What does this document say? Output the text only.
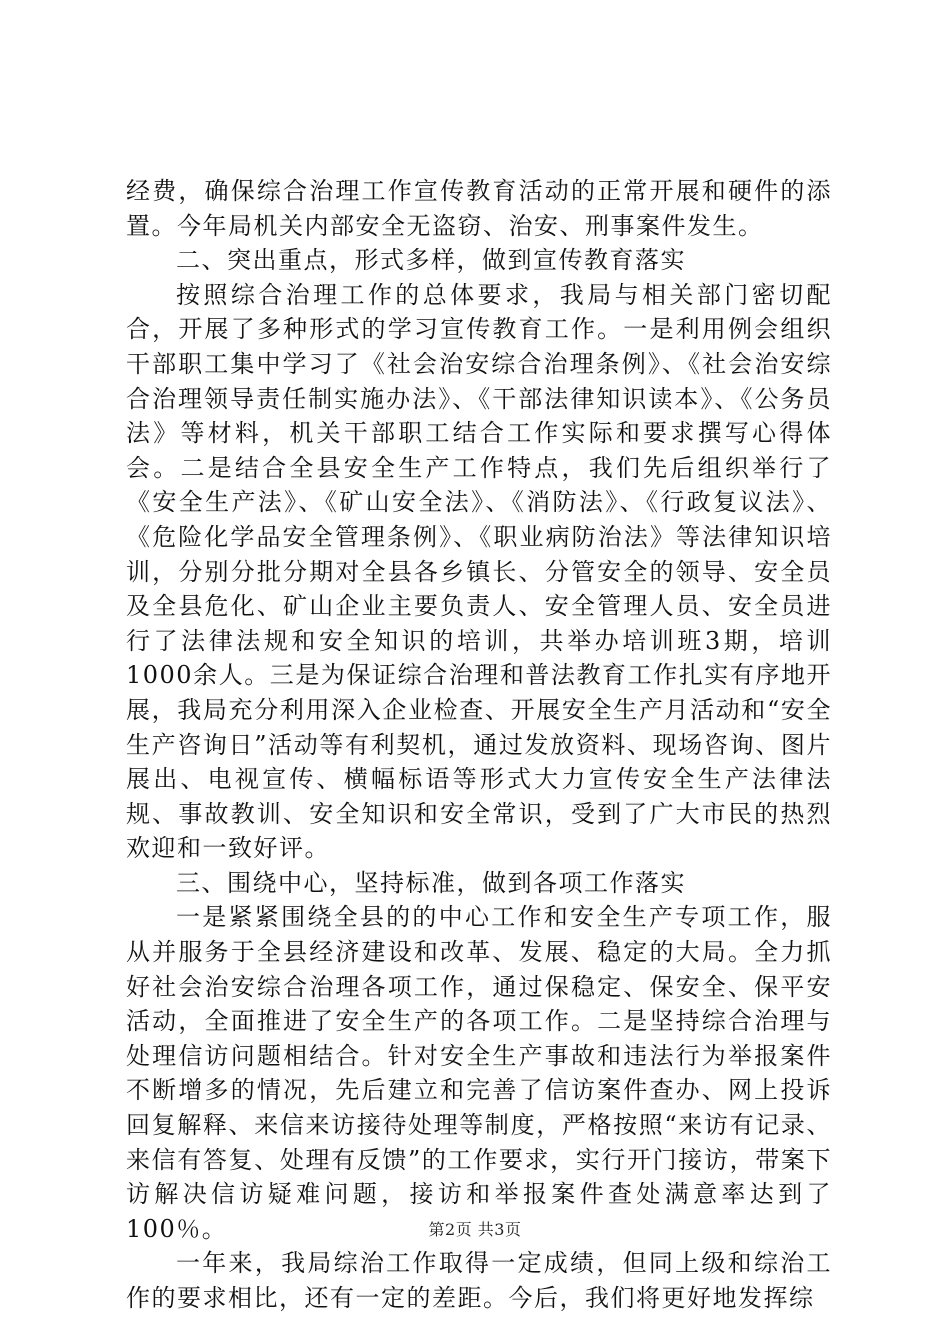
经费，确保综合治理工作宣传教育活动的正常开展和硬件的添置。今年局机关内部安全无盗窃、治安、刑事案件发生。

二、突出重点，形式多样，做到宣传教育落实

按照综合治理工作的总体要求，我局与相关部门密切配合，开展了多种形式的学习宣传教育工作。一是利用例会组织干部职工集中学习了《社会治安综合治理条例》、《社会治安综合治理领导责任制实施办法》、《干部法律知识读本》、《公务员法》等材料，机关干部职工结合工作实际和要求撰写心得体会。二是结合全县安全生产工作特点，我们先后组织举行了《安全生产法》、《矿山安全法》、《消防法》、《行政复议法》、《危险化学品安全管理条例》、《职业病防治法》等法律知识培训，分别分批分期对全县各乡镇长、分管安全的领导、安全员及全县危化、矿山企业主要负责人、安全管理人员、安全员进行了法律法规和安全知识的培训，共举办培训班3期，培训1000余人。三是为保证综合治理和普法教育工作扎实有序地开展，我局充分利用深入企业检查、开展安全生产月活动和“安全生产咨询日”活动等有利契机，通过发放资料、现场咨询、图片展出、电视宣传、横幅标语等形式大力宣传安全生产法律法规、事故教训、安全知识和安全常识，受到了广大市民的热烈欢迎和一致好评。

三、围绕中心，坚持标准，做到各项工作落实

一是紧紧围绕全县的的中心工作和安全生产专项工作，服从并服务于全县经济建设和改革、发展、稳定的大局。全力抓好社会治安综合治理各项工作，通过保稳定、保安全、保平安活动，全面推进了安全生产的各项工作。二是坚持综合治理与处理信访问题相结合。针对安全生产事故和违法行为举报案件不断增多的情况，先后建立和完善了信访案件查办、网上投诉回复解释、来信来访接待处理等制度，严格按照“来访有记录、来信有答复、处理有反馈”的工作要求，实行开门接访，带案下访解决信访疑难问题，接访和举报案件查处满意率达到了100％。

一年来，我局综治工作取得一定成绩，但同上级和综治工作的要求相比，还有一定的差距。今后，我们将更好地发挥综

第2页 共3页
